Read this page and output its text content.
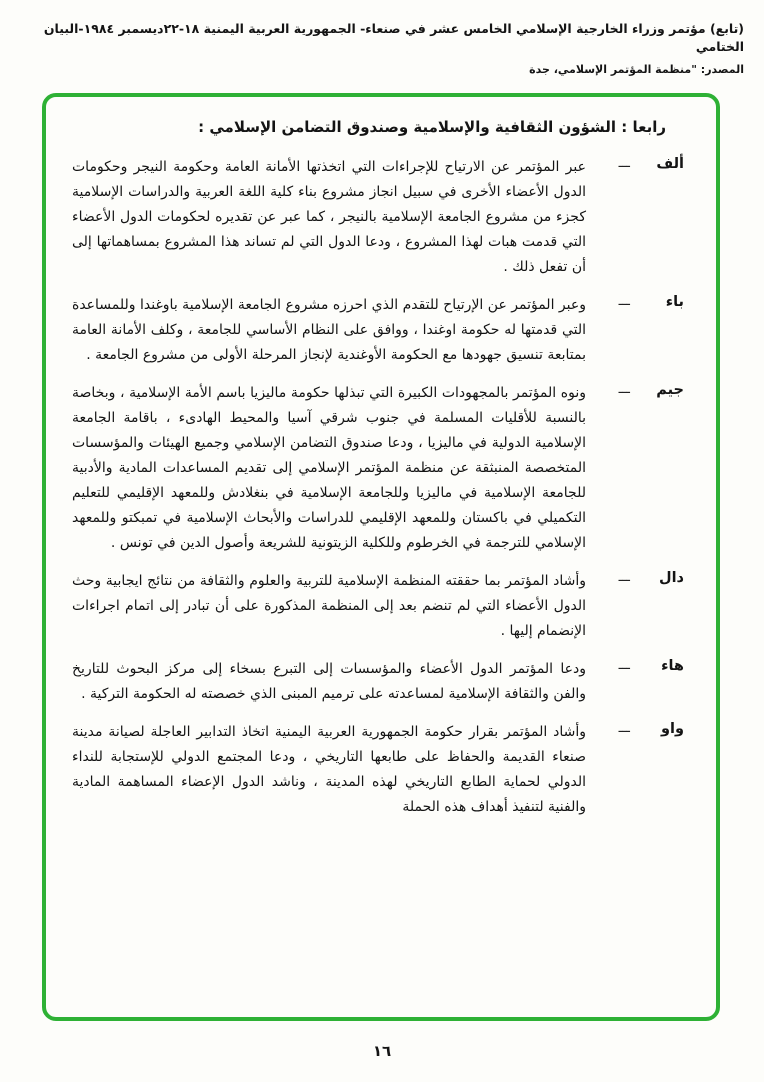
(تابع) مؤتمر وزراء الخارجية الإسلامي الخامس عشر في صنعاء- الجمهورية العربية اليمنية ١٨-٢٢ديسمبر ١٩٨٤-البيان الختامي
المصدر: "منظمة المؤتمر الإسلامي، جدة
رابعا : الشؤون الثقافية والإسلامية وصندوق التضامن الإسلامي :
ألف
ـــ
عبر المؤتمر عن الارتياح للإجراءات التي اتخذتها الأمانة العامة وحكومة النيجر وحكومات الدول الأعضاء الأخرى في سبيل انجاز مشروع بناء كلية اللغة العربية والدراسات الإسلامية كجزء من مشروع الجامعة الإسلامية بالنيجر ، كما عبر عن تقديره لحكومات الدول الأعضاء التي قدمت هبات لهذا المشروع ، ودعا الدول التي لم تساند هذا المشروع بمساهماتها إلى أن تفعل ذلك .
باء
ـــ
وعبر المؤتمر عن الإرتياح للتقدم الذي احرزه مشروع الجامعة الإسلامية باوغندا وللمساعدة التي قدمتها له حكومة اوغندا ، ووافق على النظام الأساسي للجامعة ، وكلف الأمانة العامة بمتابعة تنسيق جهودها مع الحكومة الأوغندية لإنجاز المرحلة الأولى من مشروع الجامعة .
جيم
ـــ
ونوه المؤتمر بالمجهودات الكبيرة التي تبذلها حكومة ماليزيا باسم الأمة الإسلامية ، وبخاصة بالنسبة للأقليات المسلمة في جنوب شرقي آسيا والمحيط الهادىء ، باقامة الجامعة الإسلامية الدولية في ماليزيا ، ودعا صندوق التضامن الإسلامي وجميع الهيئات والمؤسسات المتخصصة المنبثقة عن منظمة المؤتمر الإسلامي إلى تقديم المساعدات المادية والأدبية للجامعة الإسلامية في ماليزيا وللجامعة الإسلامية في بنغلادش وللمعهد الإقليمي للتعليم التكميلي في باكستان وللمعهد الإقليمي للدراسات والأبحاث الإسلامية في تمبكتو وللمعهد الإسلامي للترجمة في الخرطوم وللكلية الزيتونية للشريعة وأصول الدين في تونس .
دال
ـــ
وأشاد المؤتمر بما حققته المنظمة الإسلامية للتربية والعلوم والثقافة من نتائج ايجابية وحث الدول الأعضاء التي لم تنضم بعد إلى المنظمة المذكورة على أن تبادر إلى اتمام اجراءات الإنضمام إليها .
هاء
ـــ
ودعا المؤتمر الدول الأعضاء والمؤسسات إلى التبرع بسخاء إلى مركز البحوث للتاريخ والفن والثقافة الإسلامية لمساعدته على ترميم المبنى الذي خصصته له الحكومة التركية .
واو
ـــ
وأشاد المؤتمر بقرار حكومة الجمهورية العربية اليمنية اتخاذ التدابير العاجلة لصيانة مدينة صنعاء القديمة والحفاظ على طابعها التاريخي ، ودعا المجتمع الدولي للإستجابة للنداء الدولي لحماية الطابع التاريخي لهذه المدينة ، وناشد الدول الإعضاء المساهمة المادية والفنية لتنفيذ أهداف هذه الحملة
١٦
